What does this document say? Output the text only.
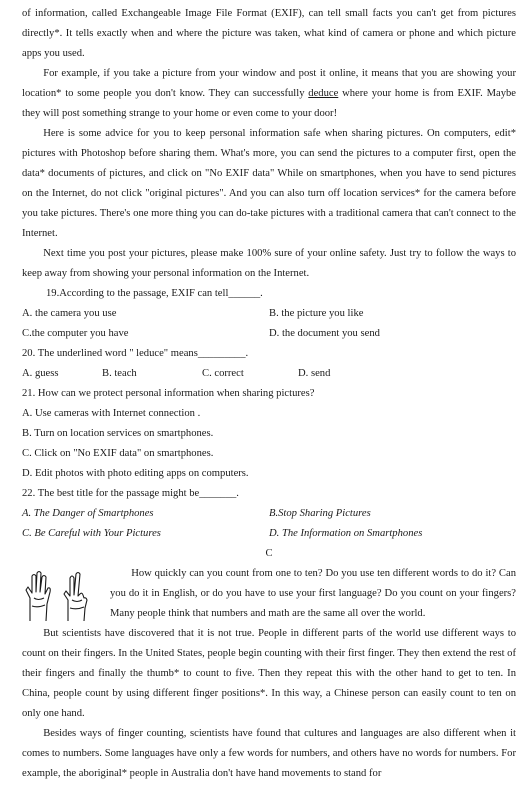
of information, called Exchangeable Image File Format (EXIF), can tell small facts you can't get from pictures directly*. It tells exactly when and where the picture was taken, what kind of camera or phone and which picture apps you used.

For example, if you take a picture from your window and post it online, it means that you are showing your location* to some people you don't know. They can successfully deduce where your home is from EXIF. Maybe they will post something strange to your home or even come to your door!

Here is some advice for you to keep personal information safe when sharing pictures. On computers, edit* pictures with Photoshop before sharing them. What's more, you can send the pictures to a computer first, open the data* documents of pictures, and click on "No EXIF data" While on smartphones, when you have to send pictures on the Internet, do not click "original pictures". And you can also turn off location services* for the camera before you take pictures. There's one more thing you can do-take pictures with a traditional camera that can't connect to the Internet.

Next time you post your pictures, please make 100% sure of your online safety. Just try to follow the ways to keep away from showing your personal information on the Internet.

19.According to the passage, EXIF can tell______.

A. the camera you use	B. the picture you like
C.the computer you have	D. the document you send

20. The underlined word " leduce" means_________.

A. guess	B. teach	C. correct	D. send

21. How can we protect personal information when sharing pictures?

A. Use cameras with Internet connection .

B. Turn on location services on smartphones.

C. Click on "No EXIF data" on smartphones.

D. Edit photos with photo editing apps on computers.

22. The best title for the passage might be_______.

A. The Danger of Smartphones	B.Stop Sharing Pictures
C. Be Careful with Your Pictures	D. The Information on Smartphones

C

How quickly can you count from one to ten? Do you use ten different words to do it? Can you do it in English, or do you have to use your first language? Do you count on your fingers? Many people think that numbers and math are the same all over the world.

But scientists have discovered that it is not true. People in different parts of the world use different ways to count on their fingers. In the United States, people begin counting with their first finger. They then extend the rest of their fingers and finally the thumb* to count to five. Then they repeat this with the other hand to get to ten. In China, people count by using different finger positions*. In this way, a Chinese person can easily count to ten on only one hand.

Besides ways of finger counting, scientists have found that cultures and languages are also different when it comes to numbers. Some languages have only a few words for numbers, and others have no words for numbers. For example, the aboriginal* people in Australia don't have hand movements to stand for
